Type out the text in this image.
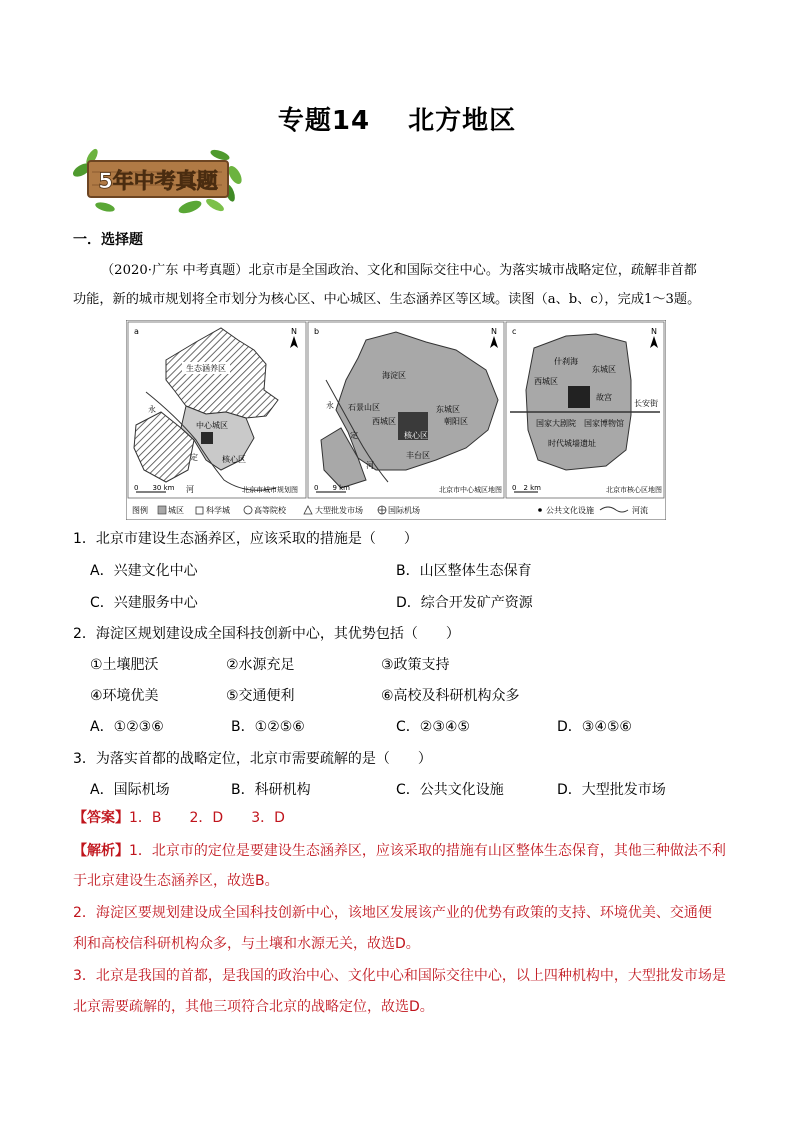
专题14 北方地区
5年中考真题
一．选择题

（2020·广东 中考真题）北京市是全国政治、文化和国际交往中心。为落实城市战略定位，疏解非首都

功能，新的城市规划将全市划分为核心区、中心城区、生态涵养区等区域。读图（a、b、c），完成1～3题。

a
生态涵养区
中心城区
核心区
永
定
河
N
0　　30 km	北京市城市规划图
b
海淀区
石景山区
西城区
东城区
朝阳区
核心区
丰台区
永
定
河
N
0　　9 km	北京市中心城区地图
c
什刹海
西城区
东城区
故宫
长安街
国家大剧院 国家博物馆
时代城墙遗址
N
0　2 km	北京市核心区地图
图例	城区	科学城	高等院校	大型批发市场	国际机场	公共文化设施	河流
1．北京市建设生态涵养区，应该采取的措施是（　　）
A．兴建文化中心	B．山区整体生态保育
C．兴建服务中心	D．综合开发矿产资源
2．海淀区规划建设成全国科技创新中心，其优势包括（　　）
①土壤肥沃	②水源充足	③政策支持
④环境优美	⑤交通便利	⑥高校及科研机构众多
A．①②③⑥	B．①②⑤⑥	C．②③④⑤	D．③④⑤⑥
3．为落实首都的战略定位，北京市需要疏解的是（　　）
A．国际机场	B．科研机构	C．公共文化设施	D．大型批发市场
【答案】1．B　　2．D　　3．D
【解析】1．北京市的定位是要建设生态涵养区，应该采取的措施有山区整体生态保育，其他三种做法不利
于北京建设生态涵养区，故选B。
2．海淀区要规划建设成全国科技创新中心，该地区发展该产业的优势有政策的支持、环境优美、交通便
利和高校信科研机构众多，与土壤和水源无关，故选D。
3．北京是我国的首都，是我国的政治中心、文化中心和国际交往中心，以上四种机构中，大型批发市场是
北京需要疏解的，其他三项符合北京的战略定位，故选D。
